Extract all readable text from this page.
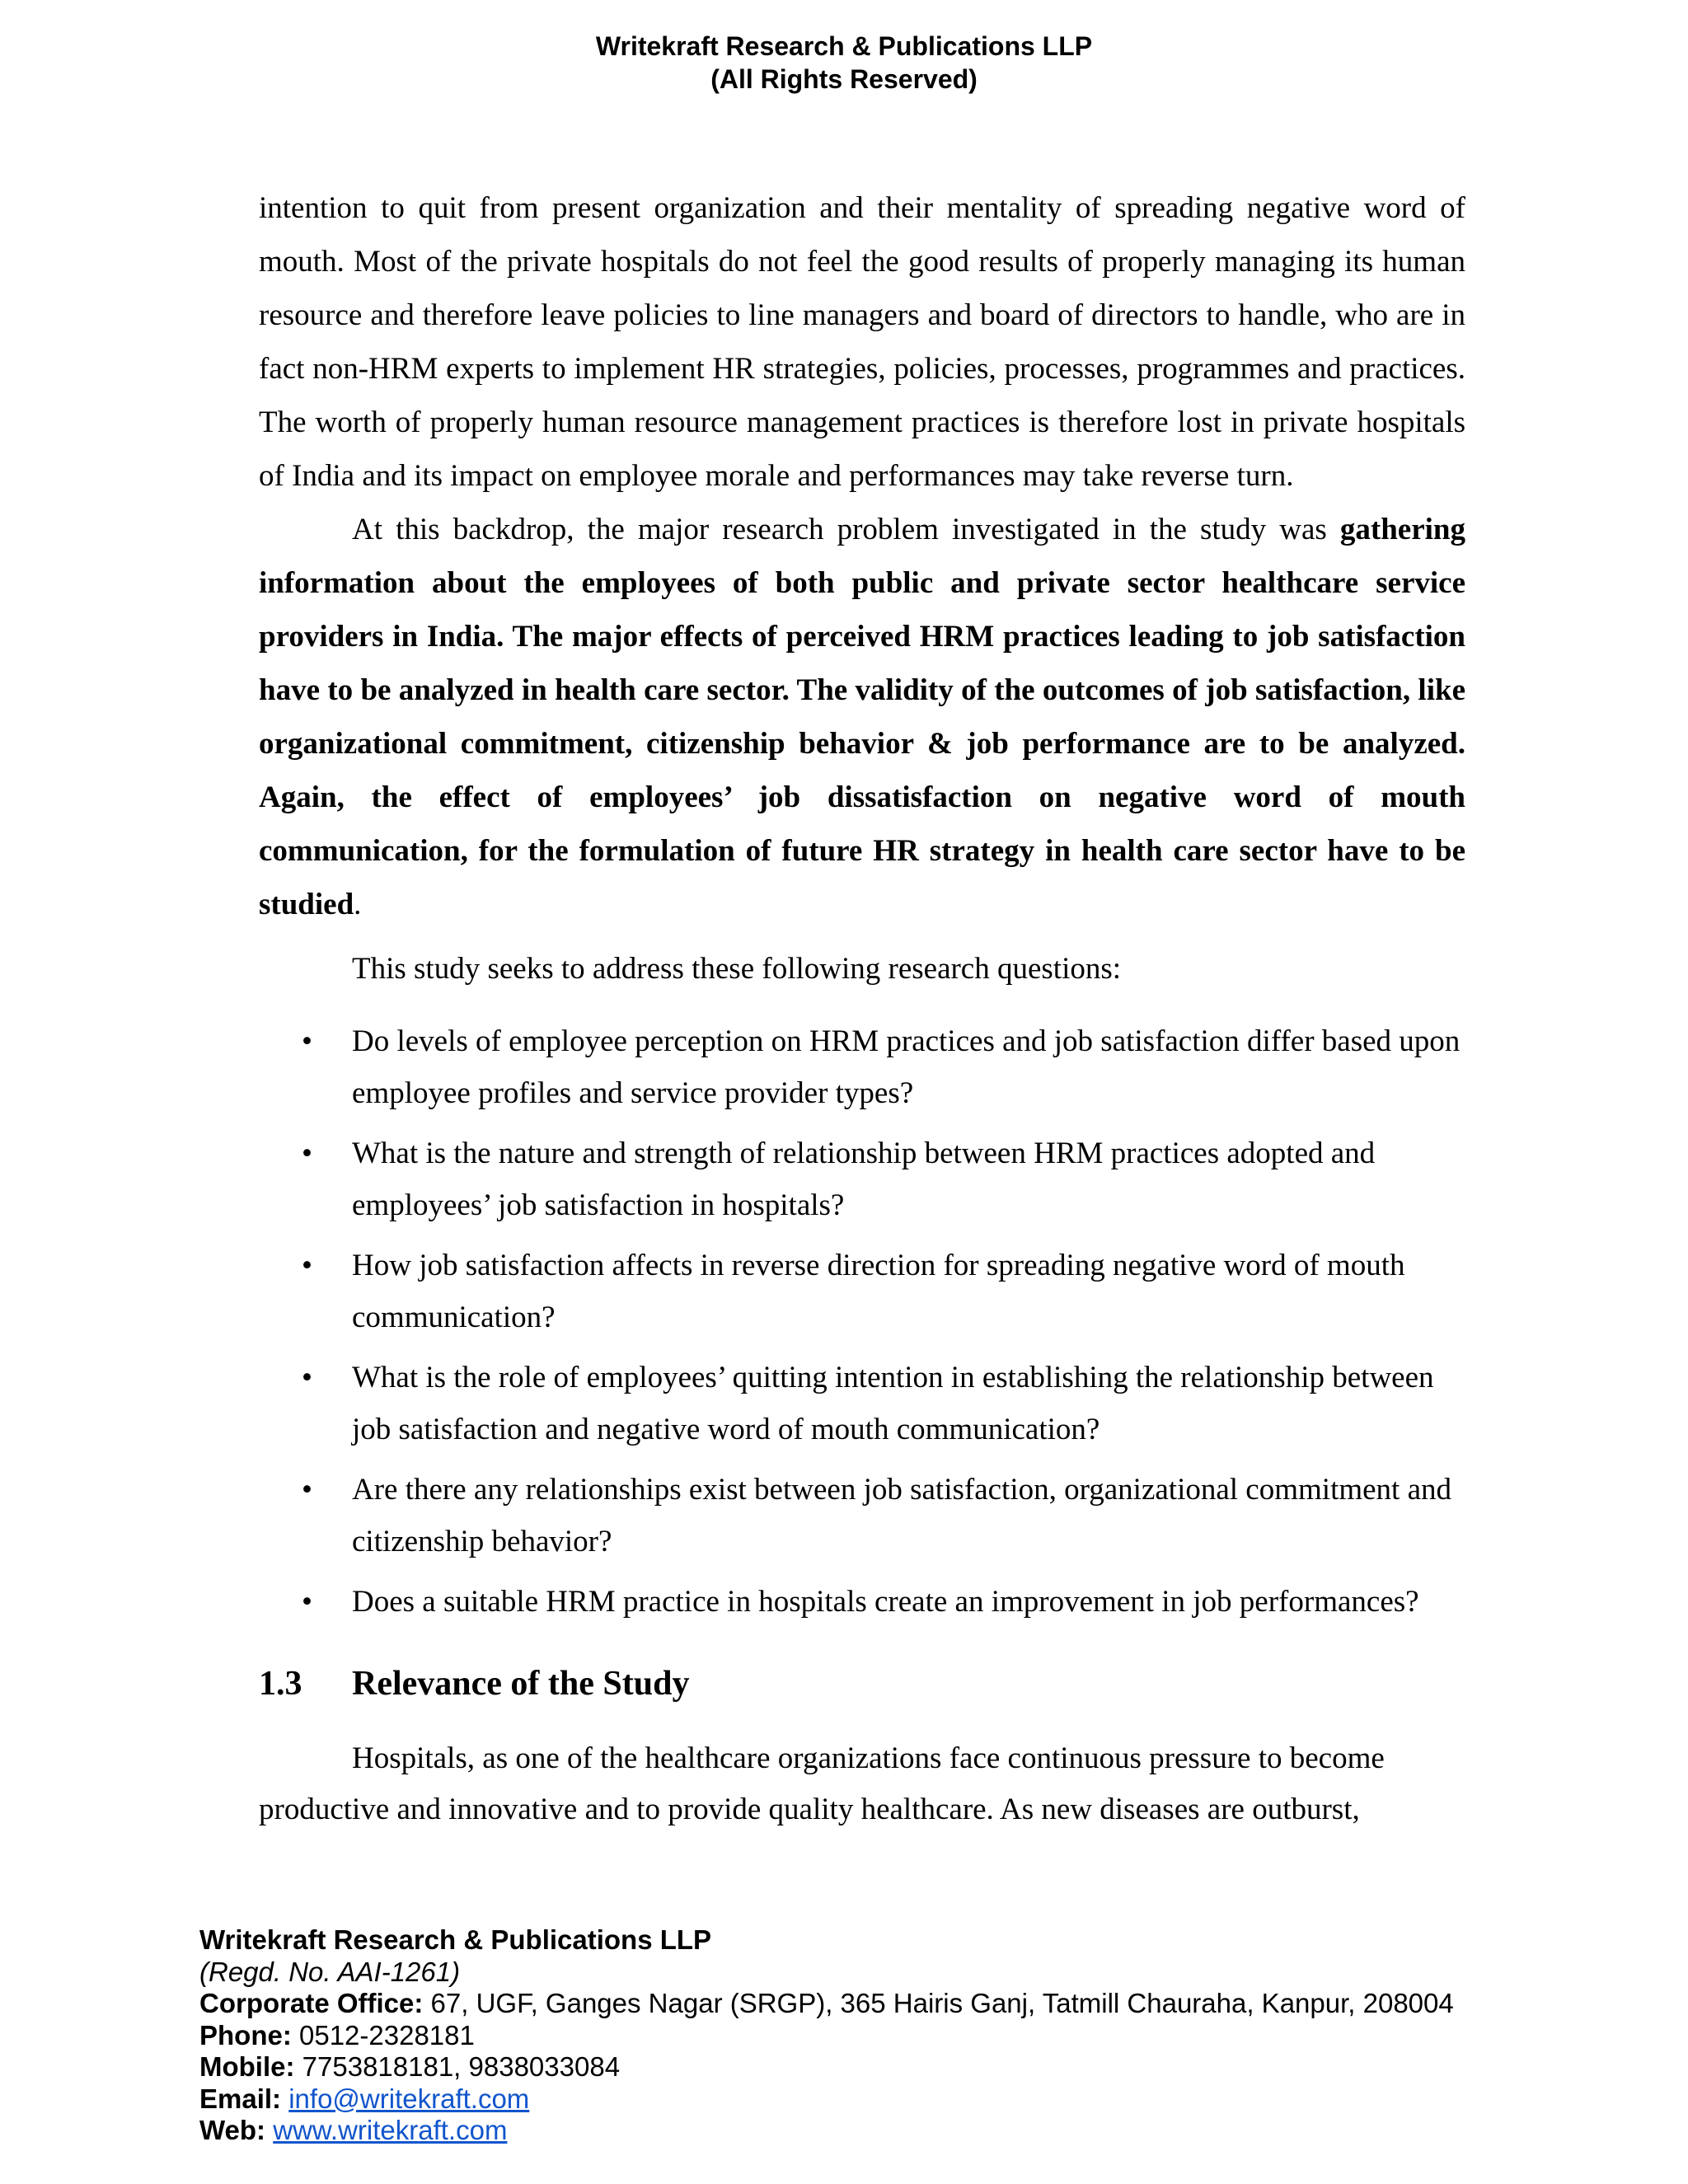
Writekraft Research & Publications LLP
(All Rights Reserved)

intention to quit from present organization and their mentality of spreading negative word of mouth. Most of the private hospitals do not feel the good results of properly managing its human resource and therefore leave policies to line managers and board of directors to handle, who are in fact non-HRM experts to implement HR strategies, policies, processes, programmes and practices. The worth of properly human resource management practices is therefore lost in private hospitals of India and its impact on employee morale and performances may take reverse turn.

At this backdrop, the major research problem investigated in the study was gathering information about the employees of both public and private sector healthcare service providers in India. The major effects of perceived HRM practices leading to job satisfaction have to be analyzed in health care sector. The validity of the outcomes of job satisfaction, like organizational commitment, citizenship behavior & job performance are to be analyzed. Again, the effect of employees’ job dissatisfaction on negative word of mouth communication, for the formulation of future HR strategy in health care sector have to be studied.

This study seeks to address these following research questions:

• Do levels of employee perception on HRM practices and job satisfaction differ based upon employee profiles and service provider types?
• What is the nature and strength of relationship between HRM practices adopted and employees’ job satisfaction in hospitals?
• How job satisfaction affects in reverse direction for spreading negative word of mouth communication?
• What is the role of employees’ quitting intention in establishing the relationship between job satisfaction and negative word of mouth communication?
• Are there any relationships exist between job satisfaction, organizational commitment and citizenship behavior?
• Does a suitable HRM practice in hospitals create an improvement in job performances?
1.3 Relevance of the Study
Hospitals, as one of the healthcare organizations face continuous pressure to become
productive and innovative and to provide quality healthcare. As new diseases are outburst,
Writekraft Research & Publications LLP
(Regd. No. AAI-1261)
Corporate Office: 67, UGF, Ganges Nagar (SRGP), 365 Hairis Ganj, Tatmill Chauraha, Kanpur, 208004
Phone: 0512-2328181
Mobile: 7753818181, 9838033084
Email: info@writekraft.com
Web: www.writekraft.com
